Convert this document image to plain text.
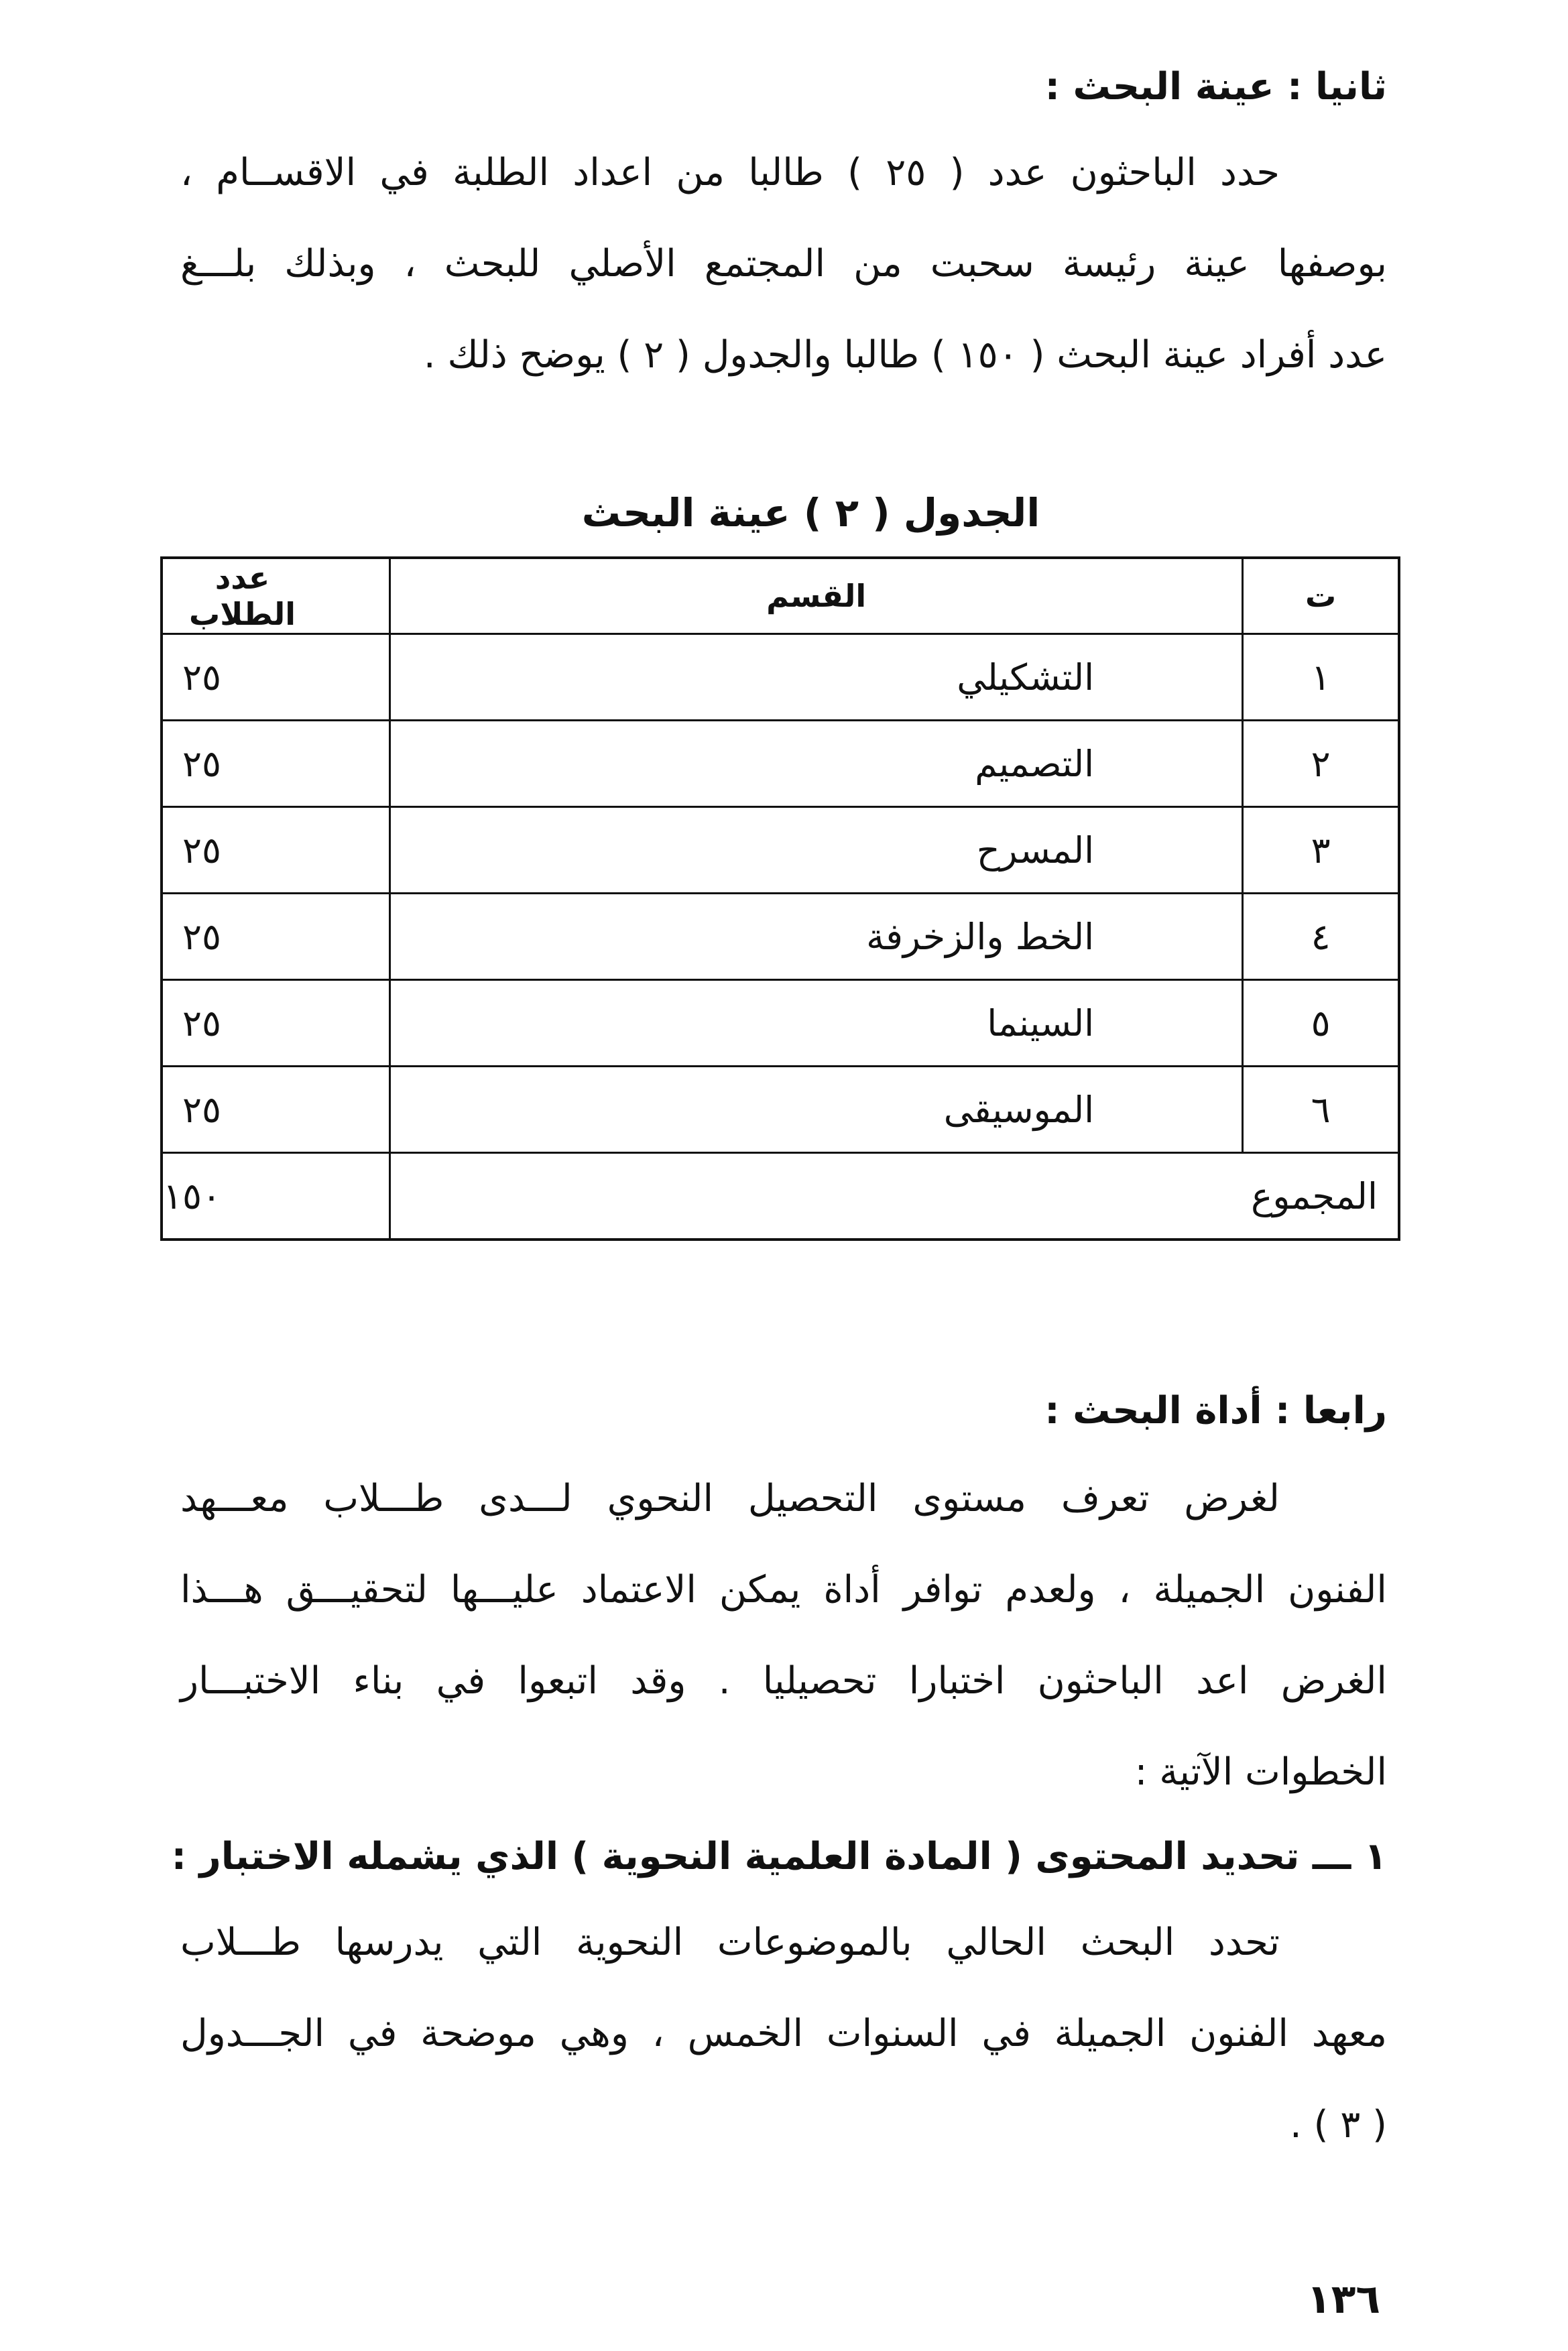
ثانيا : عينة البحث :
حدد الباحثون عدد ( ٢٥ ) طالبا من اعداد الطلبة في الاقســام ،
بوصفها عينة رئيسة سحبت من المجتمع الأصلي للبحث ، وبذلك بلـــغ
عدد أفراد عينة البحث ( ١٥٠ ) طالبا والجدول ( ٢ ) يوضح ذلك .
الجدول ( ٢ ) عينة البحث
ت	القسم	عدد الطلاب
١	التشكيلي	٢٥
٢	التصميم	٢٥
٣	المسرح	٢٥
٤	الخط والزخرفة	٢٥
٥	السينما	٢٥
٦	الموسيقى	٢٥
المجموع		١٥٠
رابعا : أداة البحث :
لغرض تعرف مستوى التحصيل النحوي لـــدى طـــلاب معـــهد
الفنون الجميلة ، ولعدم توافر أداة يمكن الاعتماد عليـــها لتحقيـــق هـــذا
الغرض اعد الباحثون اختبارا تحصيليا . وقد اتبعوا في بناء الاختبـــار
الخطوات الآتية :
١ ـــ تحديد المحتوى ( المادة العلمية النحوية ) الذي يشمله الاختبار :
تحدد البحث الحالي بالموضوعات النحوية التي يدرسها طـــلاب
معهد الفنون الجميلة في السنوات الخمس ، وهي موضحة في الجـــدول
( ٣ ) .
١٣٦
